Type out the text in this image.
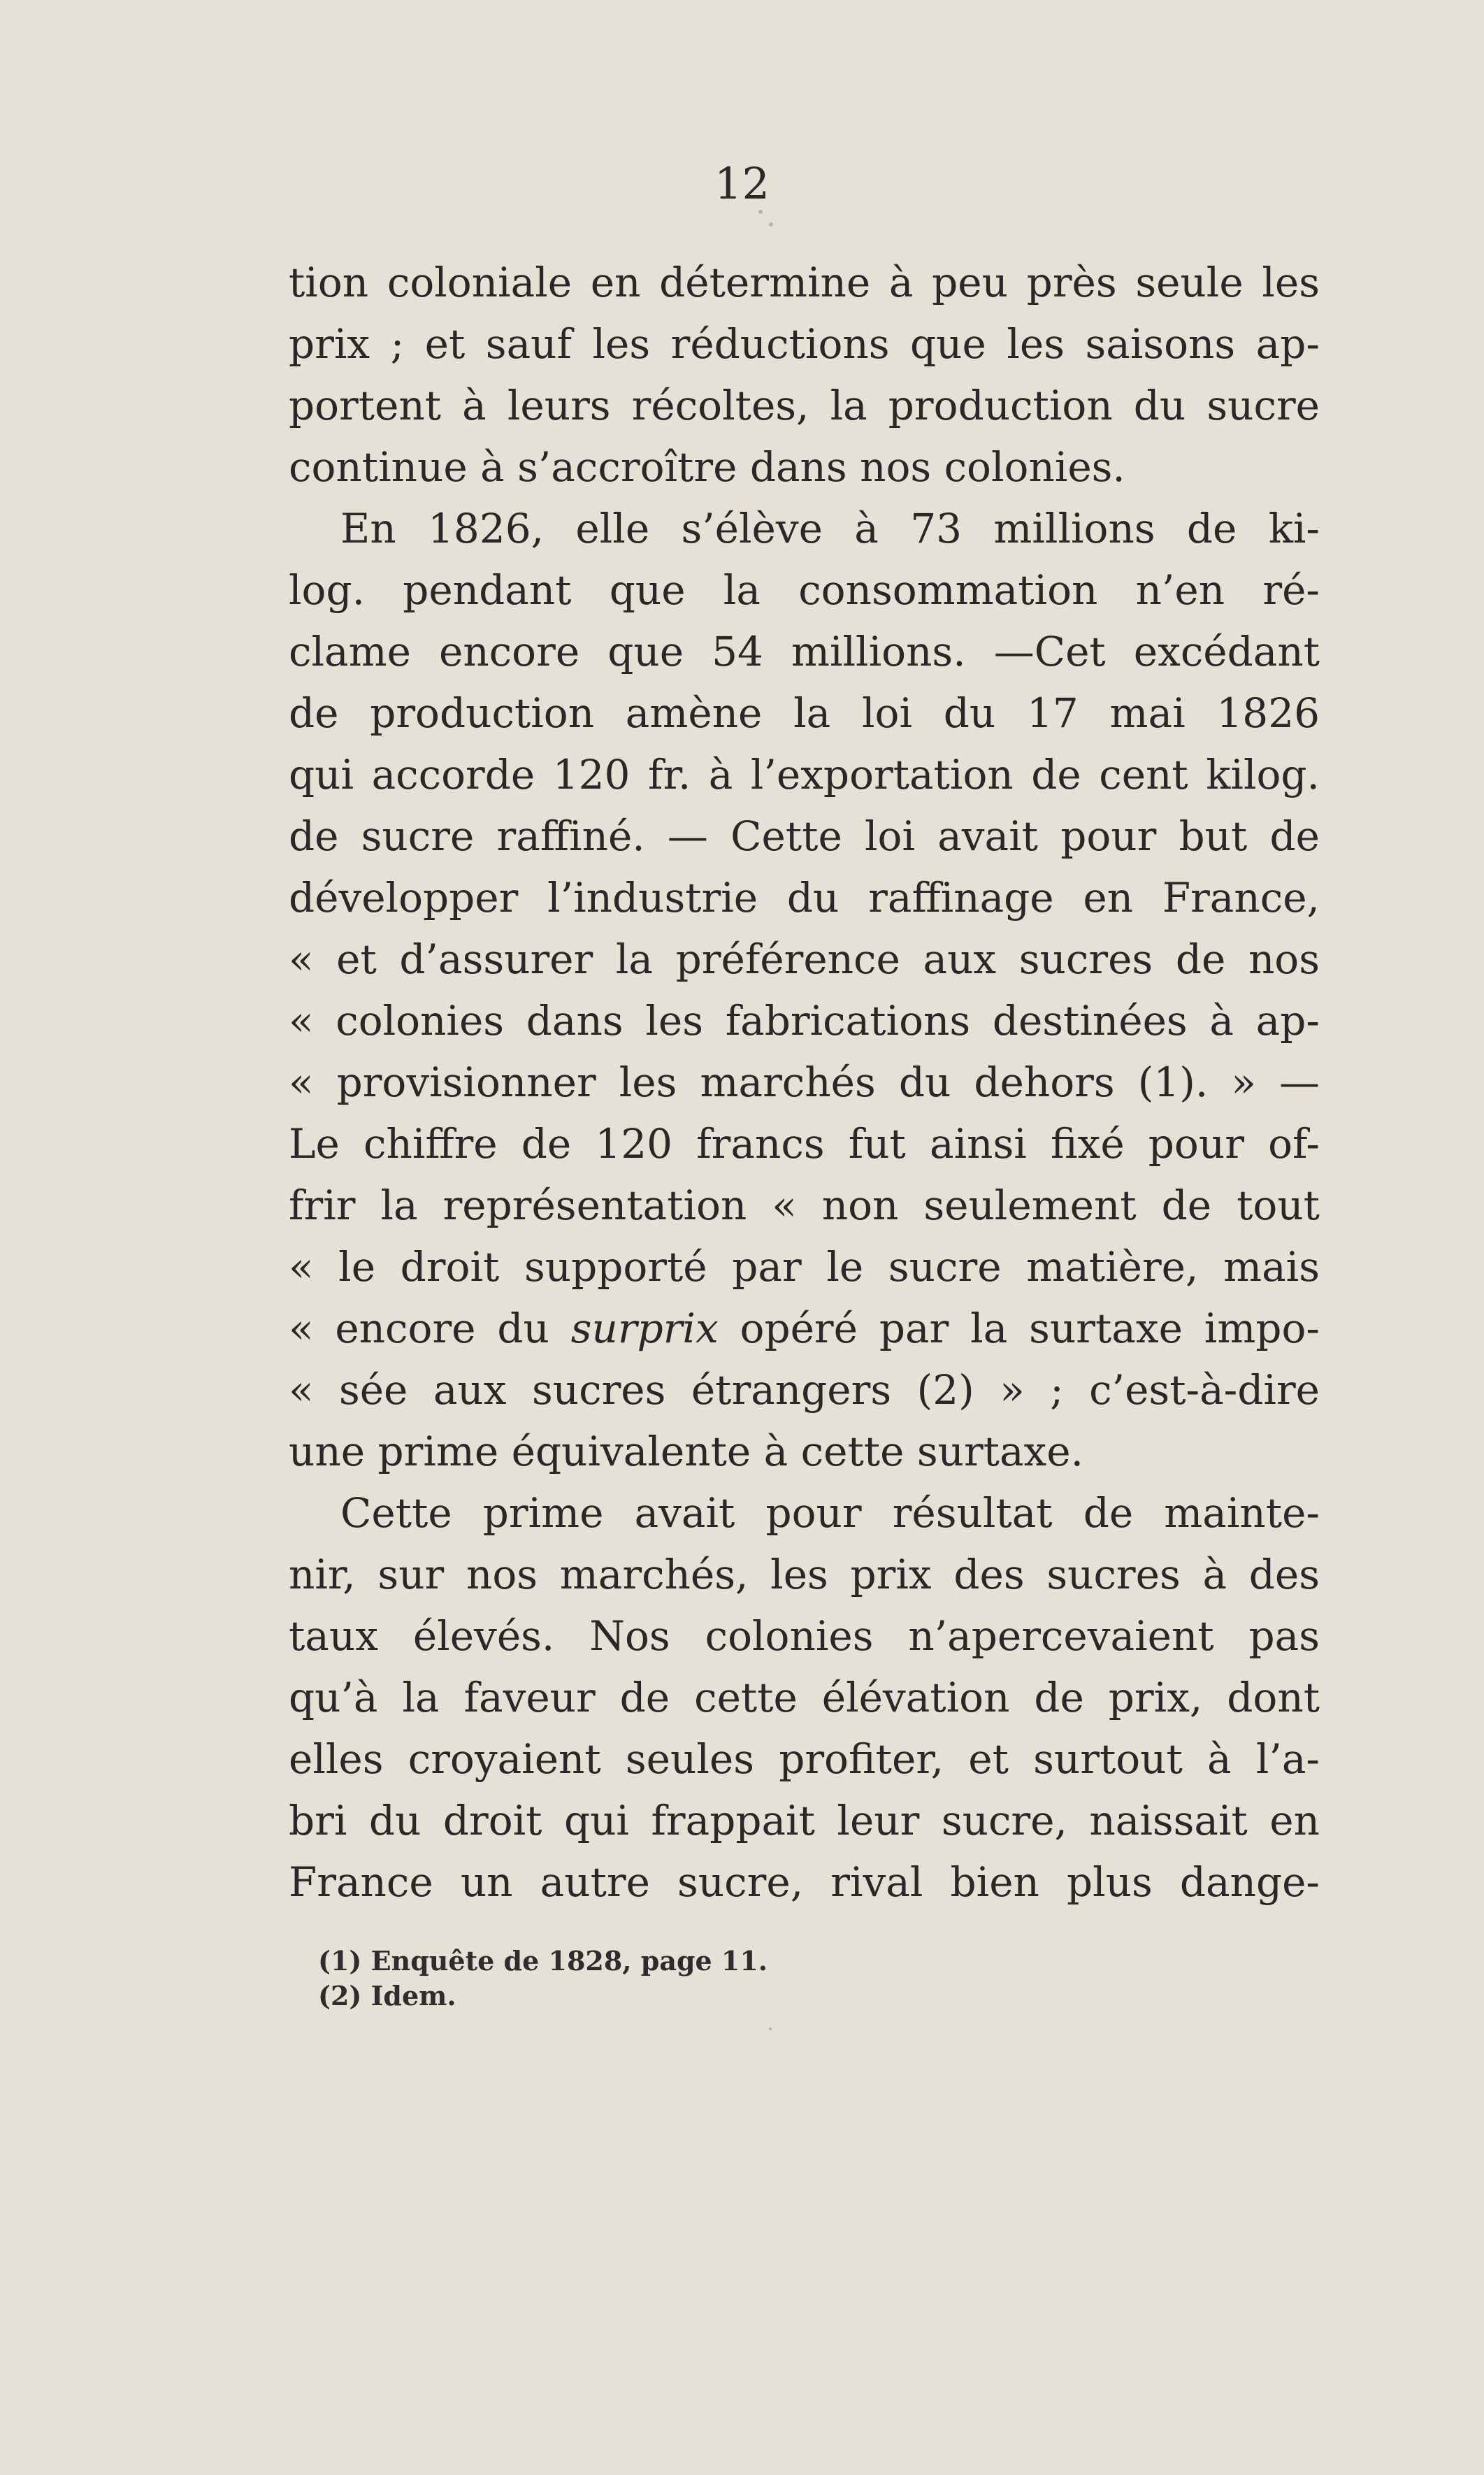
12
tion coloniale en détermine à peu près seule les
prix ; et sauf les réductions que les saisons ap-
portent à leurs récoltes, la production du sucre
continue à s’accroître dans nos colonies.
En 1826, elle s’élève à 73 millions de ki-
log. pendant que la consommation n’en ré-
clame encore que 54 millions. —Cet excédant
de production amène la loi du 17 mai 1826
qui accorde 120 fr. à l’exportation de cent kilog.
de sucre raffiné. — Cette loi avait pour but de
développer l’industrie du raffinage en France,
« et d’assurer la préférence aux sucres de nos
« colonies dans les fabrications destinées à ap-
« provisionner les marchés du dehors (1). » —
Le chiffre de 120 francs fut ainsi fixé pour of-
frir la représentation « non seulement de tout
« le droit supporté par le sucre matière, mais
« encore du surprix opéré par la surtaxe impo-
« sée aux sucres étrangers (2) » ; c’est-à-dire
une prime équivalente à cette surtaxe.
Cette prime avait pour résultat de mainte-
nir, sur nos marchés, les prix des sucres à des
taux élevés. Nos colonies n’apercevaient pas
qu’à la faveur de cette élévation de prix, dont
elles croyaient seules profiter, et surtout à l’a-
bri du droit qui frappait leur sucre, naissait en
France un autre sucre, rival bien plus dange-
(1) Enquête de 1828, page 11.
(2) Idem.
